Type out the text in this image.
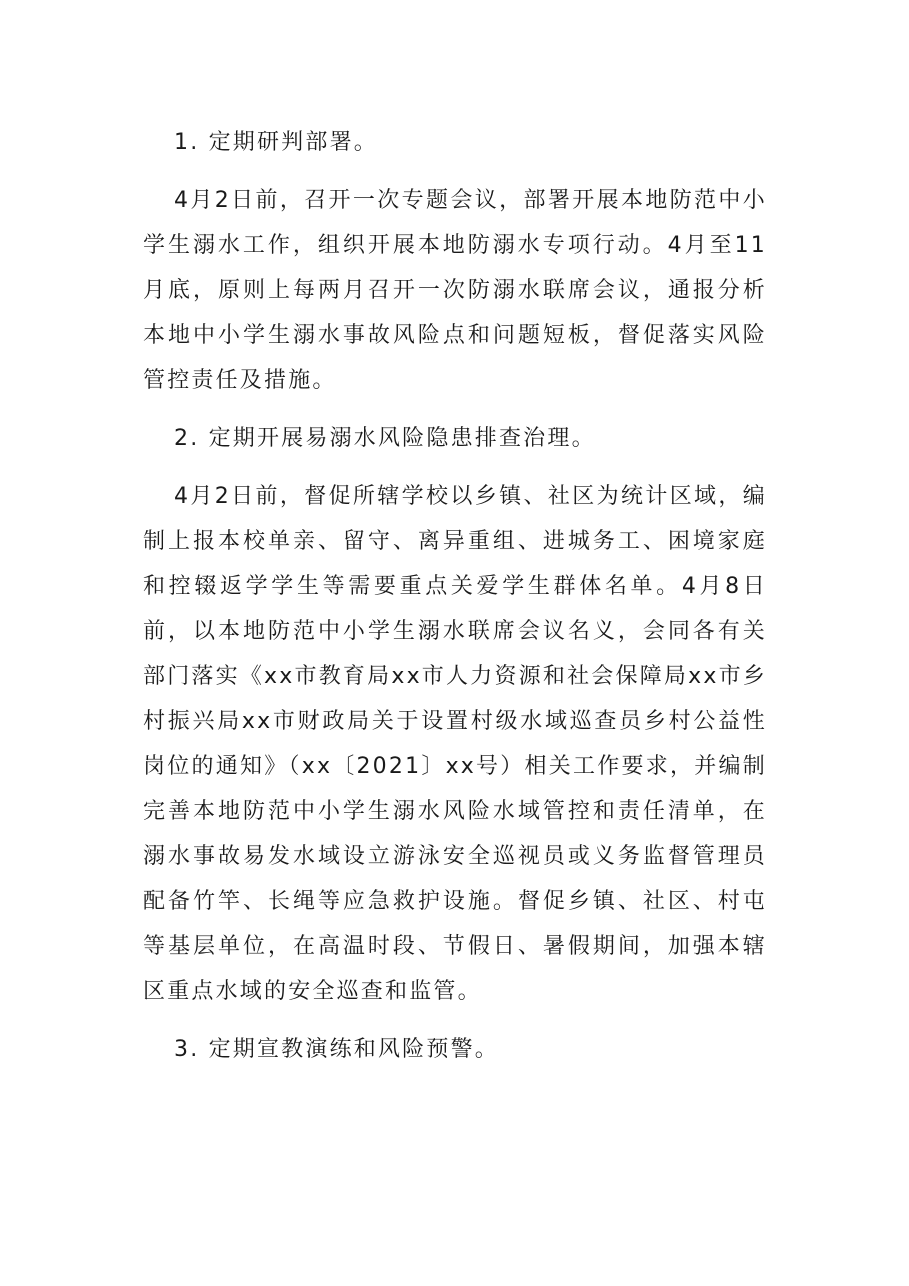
1. 定期研判部署。

4月2日前，召开一次专题会议，部署开展本地防范中小学生溺水工作，组织开展本地防溺水专项行动。4月至11月底，原则上每两月召开一次防溺水联席会议，通报分析本地中小学生溺水事故风险点和问题短板，督促落实风险管控责任及措施。

2. 定期开展易溺水风险隐患排查治理。

4月2日前，督促所辖学校以乡镇、社区为统计区域，编制上报本校单亲、留守、离异重组、进城务工、困境家庭和控辍返学学生等需要重点关爱学生群体名单。4月8日前，以本地防范中小学生溺水联席会议名义，会同各有关部门落实《xx市教育局xx市人力资源和社会保障局xx市乡村振兴局xx市财政局关于设置村级水域巡查员乡村公益性岗位的通知》（xx〔2021〕xx号）相关工作要求，并编制完善本地防范中小学生溺水风险水域管控和责任清单，在溺水事故易发水域设立游泳安全巡视员或义务监督管理员配备竹竿、长绳等应急救护设施。督促乡镇、社区、村屯等基层单位，在高温时段、节假日、暑假期间，加强本辖区重点水域的安全巡查和监管。

3. 定期宣教演练和风险预警。
